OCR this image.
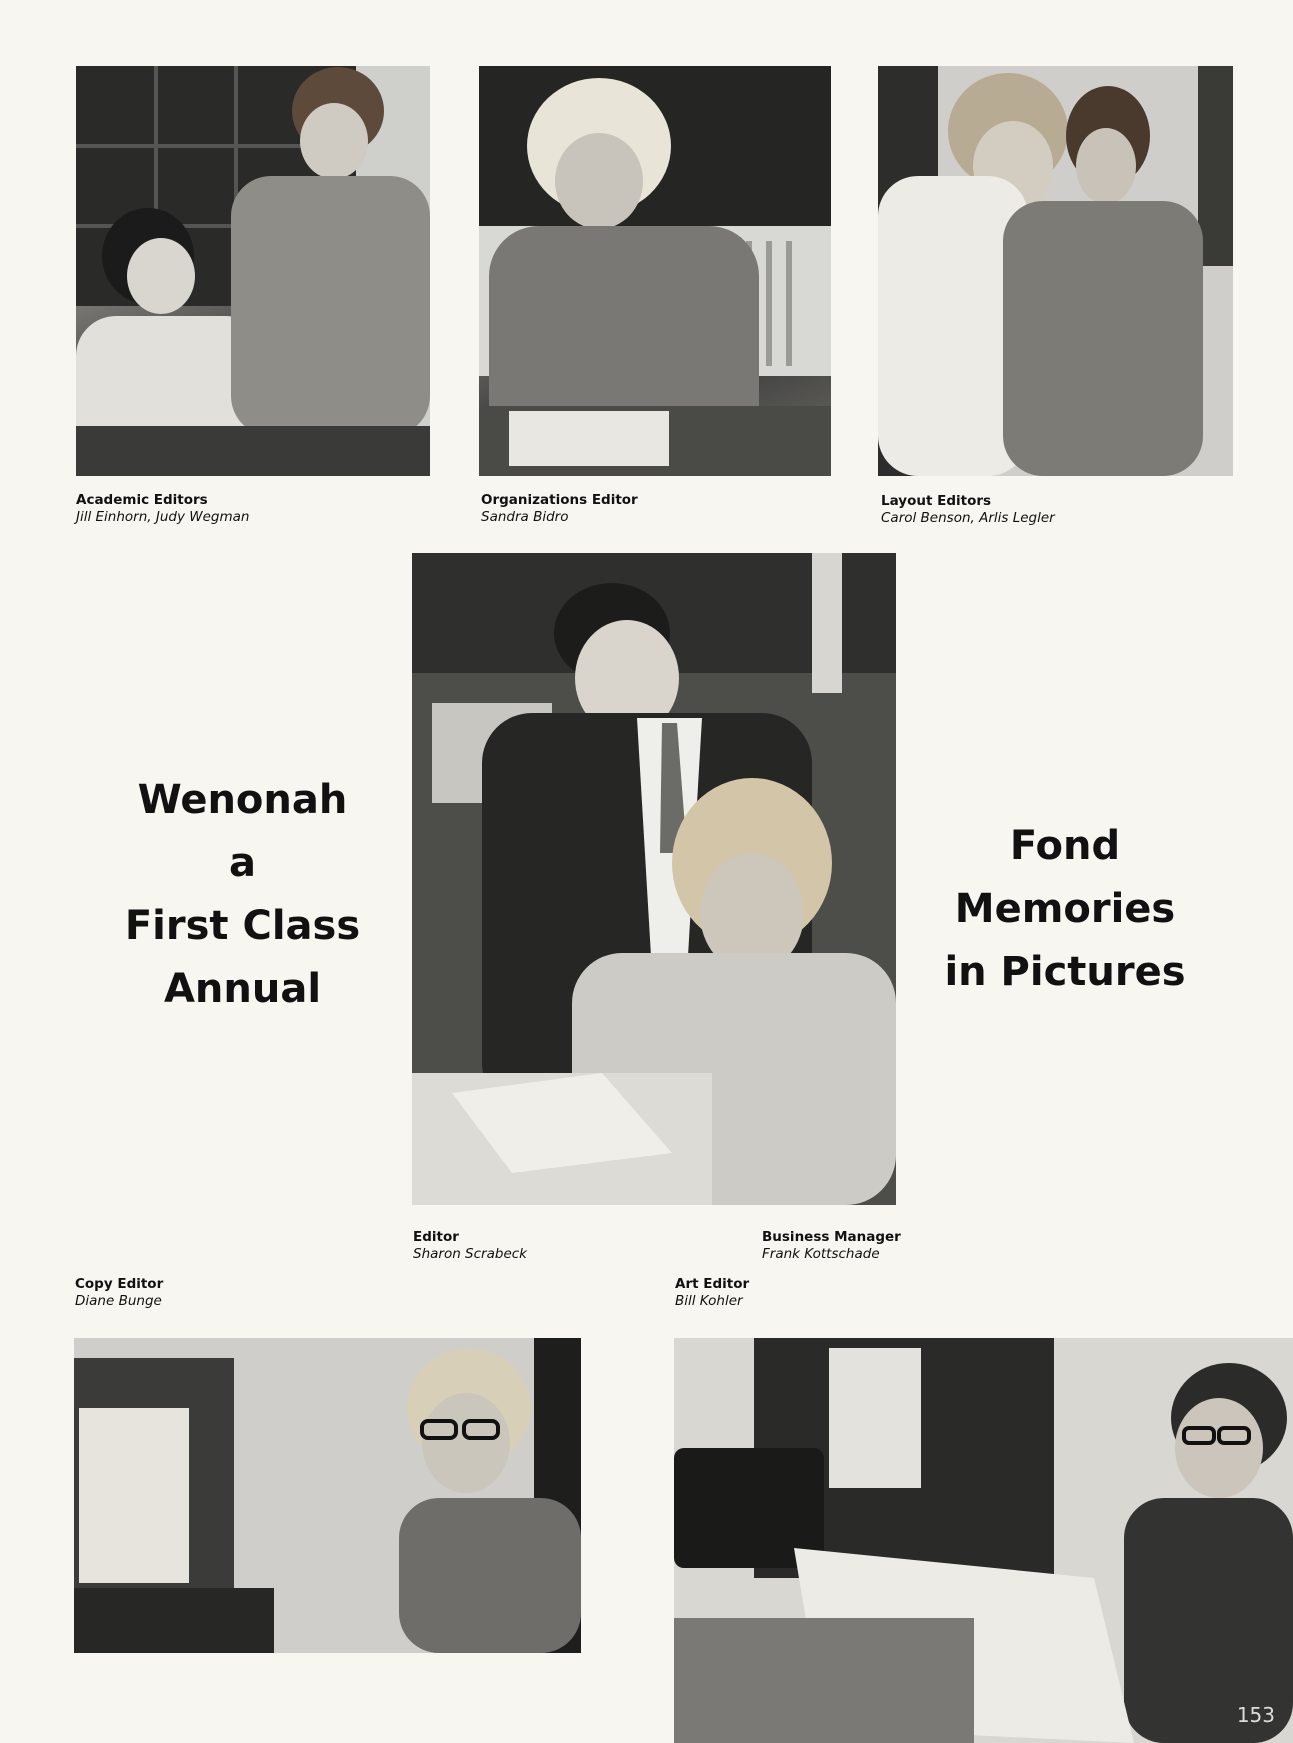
Academic Editors
Jill Einhorn, Judy Wegman
Organizations Editor
Sandra Bidro
Layout Editors
Carol Benson, Arlis Legler
Wenonah
a
First Class
Annual
Fond
Memories
in Pictures
Editor
Sharon Scrabeck
Business Manager
Frank Kottschade
Copy Editor
Diane Bunge
Art Editor
Bill Kohler
153
